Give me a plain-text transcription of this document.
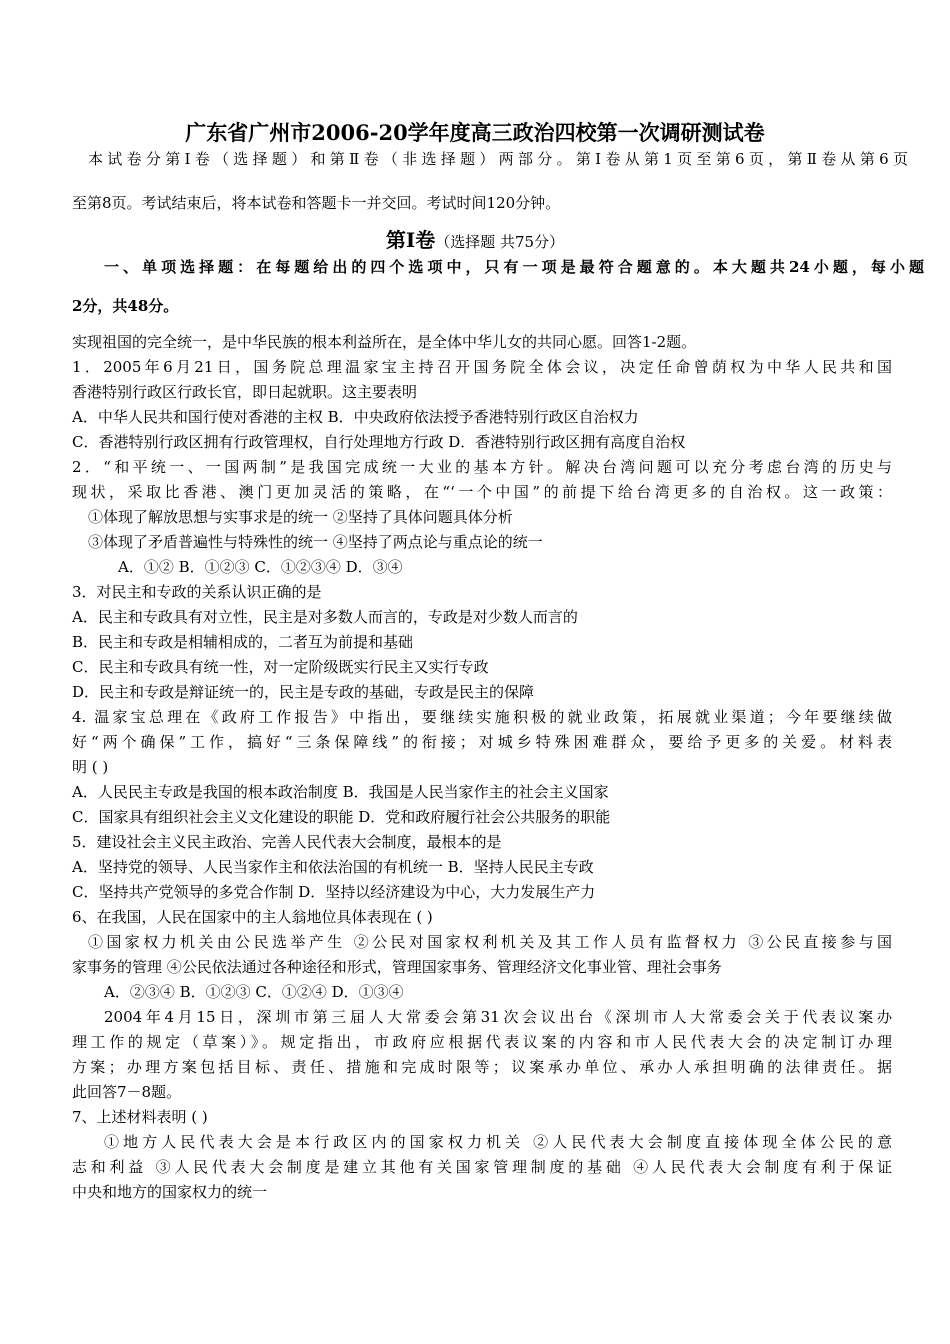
广东省广州市2006-20学年度高三政治四校第一次调研测试卷
本试卷分第Ⅰ卷（选择题）和第Ⅱ卷（非选择题）两部分。第Ⅰ卷从第1页至第6页，第Ⅱ卷从第6页
至第8页。考试结束后，将本试卷和答题卡一并交回。考试时间120分钟。
第Ⅰ卷（选择题 共75分）
一、单项选择题：在每题给出的四个选项中，只有一项是最符合题意的。本大题共24小题，每小题
2分，共48分。
实现祖国的完全统一，是中华民族的根本利益所在，是全体中华儿女的共同心愿。回答1-2题。
1．2005年6月21日，国务院总理温家宝主持召开国务院全体会议，决定任命曾荫权为中华人民共和国
香港特别行政区行政长官，即日起就职。这主要表明
A．中华人民共和国行使对香港的主权 B．中央政府依法授予香港特别行政区自治权力
C．香港特别行政区拥有行政管理权，自行处理地方行政 D．香港特别行政区拥有高度自治权
2．“和平统一、一国两制”是我国完成统一大业的基本方针。解决台湾问题可以充分考虑台湾的历史与
现状，采取比香港、澳门更加灵活的策略，在“‘一个中国”的前提下给台湾更多的自治权。这一政策：
①体现了解放思想与实事求是的统一 ②坚持了具体问题具体分析
③体现了矛盾普遍性与特殊性的统一 ④坚持了两点论与重点论的统一
A．①② B．①②③ C．①②③④ D．③④
3．对民主和专政的关系认识正确的是
A．民主和专政具有对立性，民主是对多数人而言的，专政是对少数人而言的
B．民主和专政是相辅相成的，二者互为前提和基础
C．民主和专政具有统一性，对一定阶级既实行民主又实行专政
D．民主和专政是辩证统一的，民主是专政的基础，专政是民主的保障
4. 温家宝总理在《政府工作报告》中指出，要继续实施积极的就业政策，拓展就业渠道；今年要继续做
好“两个确保”工作，搞好“三条保障线”的衔接；对城乡特殊困难群众，要给予更多的关爱。材料表
明 ( )
A．人民民主专政是我国的根本政治制度 B．我国是人民当家作主的社会主义国家
C．国家具有组织社会主义文化建设的职能 D．党和政府履行社会公共服务的职能
5．建设社会主义民主政治、完善人民代表大会制度，最根本的是
A．坚持党的领导、人民当家作主和依法治国的有机统一 B．坚持人民民主专政
C．坚持共产党领导的多党合作制 D．坚持以经济建设为中心，大力发展生产力
6、在我国，人民在国家中的主人翁地位具体表现在 ( )
①国家权力机关由公民选举产生 ②公民对国家权利机关及其工作人员有监督权力 ③公民直接参与国
家事务的管理 ④公民依法通过各种途径和形式，管理国家事务、管理经济文化事业管、理社会事务
A．②③④ B．①②③ C．①②④ D．①③④
2004年4月15日，深圳市第三届人大常委会第31次会议出台《深圳市人大常委会关于代表议案办
理工作的规定（草案）》。规定指出，市政府应根据代表议案的内容和市人民代表大会的决定制订办理
方案；办理方案包括目标、责任、措施和完成时限等；议案承办单位、承办人承担明确的法律责任。据
此回答7－8题。
7、上述材料表明 ( )
①地方人民代表大会是本行政区内的国家权力机关 ②人民代表大会制度直接体现全体公民的意
志和利益 ③人民代表大会制度是建立其他有关国家管理制度的基础 ④人民代表大会制度有利于保证
中央和地方的国家权力的统一
